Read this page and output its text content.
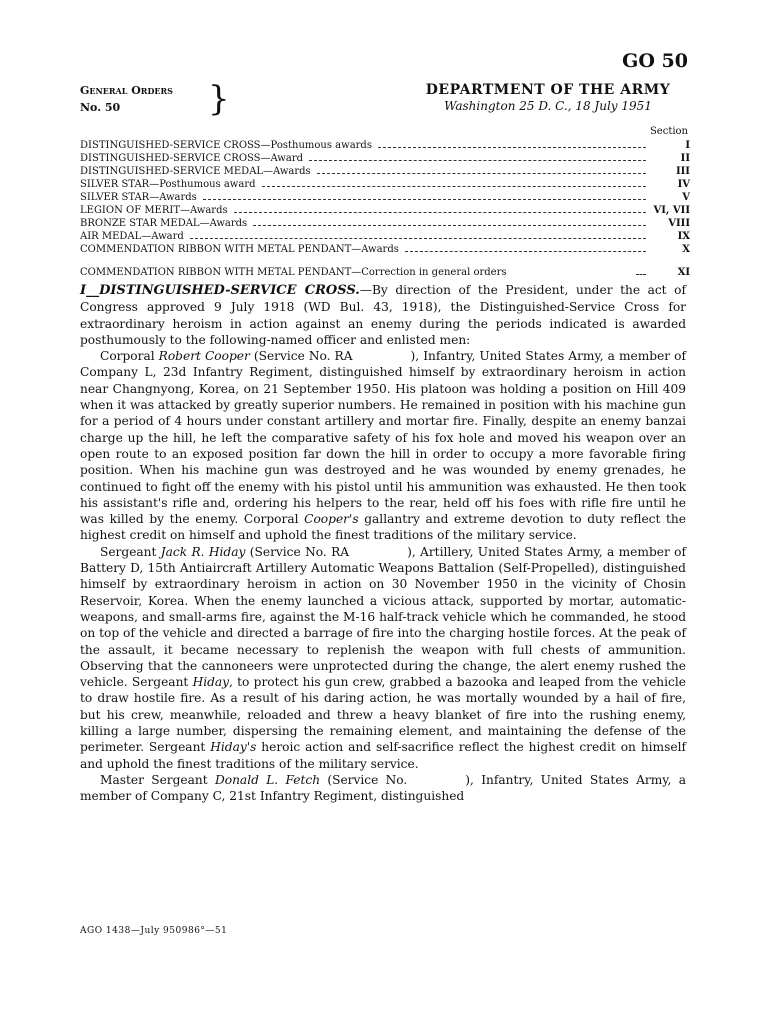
GO 50
General Orders
No. 50	}	DEPARTMENT OF THE ARMY
Washington 25 D. C., 18 July 1951
Section
DISTINGUISHED-SERVICE CROSS—Posthumous awards	I
DISTINGUISHED-SERVICE CROSS—Award	II
DISTINGUISHED-SERVICE MEDAL—Awards	III
SILVER STAR—Posthumous award	IV
SILVER STAR—Awards	V
LEGION OF MERIT—Awards	VI, VII
BRONZE STAR MEDAL—Awards	VIII
AIR MEDAL—Award	IX
COMMENDATION RIBBON WITH METAL PENDANT—Awards	X
COMMENDATION RIBBON WITH METAL PENDANT—Correction in general orders	XI

I__DISTINGUISHED-SERVICE CROSS.—By direction of the President, under the act of Congress approved 9 July 1918 (WD Bul. 43, 1918), the Distinguished-Service Cross for extraordinary heroism in action against an enemy during the periods indicated is awarded posthumously to the following-named officer and enlisted men:

Corporal Robert Cooper (Service No. RA	), Infantry, United States Army, a member of Company L, 23d Infantry Regiment, distinguished himself by extraordinary heroism in action near Changnyong, Korea, on 21 September 1950. His platoon was holding a position on Hill 409 when it was attacked by greatly superior numbers. He remained in position with his machine gun for a period of 4 hours under constant artillery and mortar fire. Finally, despite an enemy banzai charge up the hill, he left the comparative safety of his fox hole and moved his weapon over an open route to an exposed position far down the hill in order to occupy a more favorable firing position. When his machine gun was destroyed and he was wounded by enemy grenades, he continued to fight off the enemy with his pistol until his ammunition was exhausted. He then took his assistant's rifle and, ordering his helpers to the rear, held off his foes with rifle fire until he was killed by the enemy. Corporal Cooper's gallantry and extreme devotion to duty reflect the highest credit on himself and uphold the finest traditions of the military service.

Sergeant Jack R. Hiday (Service No. RA	), Artillery, United States Army, a member of Battery D, 15th Antiaircraft Artillery Automatic Weapons Battalion (Self-Propelled), distinguished himself by extraordinary heroism in action on 30 November 1950 in the vicinity of Chosin Reservoir, Korea. When the enemy launched a vicious attack, supported by mortar, automatic-weapons, and small-arms fire, against the M-16 half-track vehicle which he commanded, he stood on top of the vehicle and directed a barrage of fire into the charging hostile forces. At the peak of the assault, it became necessary to replenish the weapon with full chests of ammunition. Observing that the cannoneers were unprotected during the change, the alert enemy rushed the vehicle. Sergeant Hiday, to protect his gun crew, grabbed a bazooka and leaped from the vehicle to draw hostile fire. As a result of his daring action, he was mortally wounded by a hail of fire, but his crew, meanwhile, reloaded and threw a heavy blanket of fire into the rushing enemy, killing a large number, dispersing the remaining element, and maintaining the defense of the perimeter. Sergeant Hiday's heroic action and self-sacrifice reflect the highest credit on himself and uphold the finest traditions of the military service.

Master Sergeant Donald L. Fetch (Service No.	), Infantry, United States Army, a member of Company C, 21st Infantry Regiment, distinguished

AGO 1438—July 950986°—51
